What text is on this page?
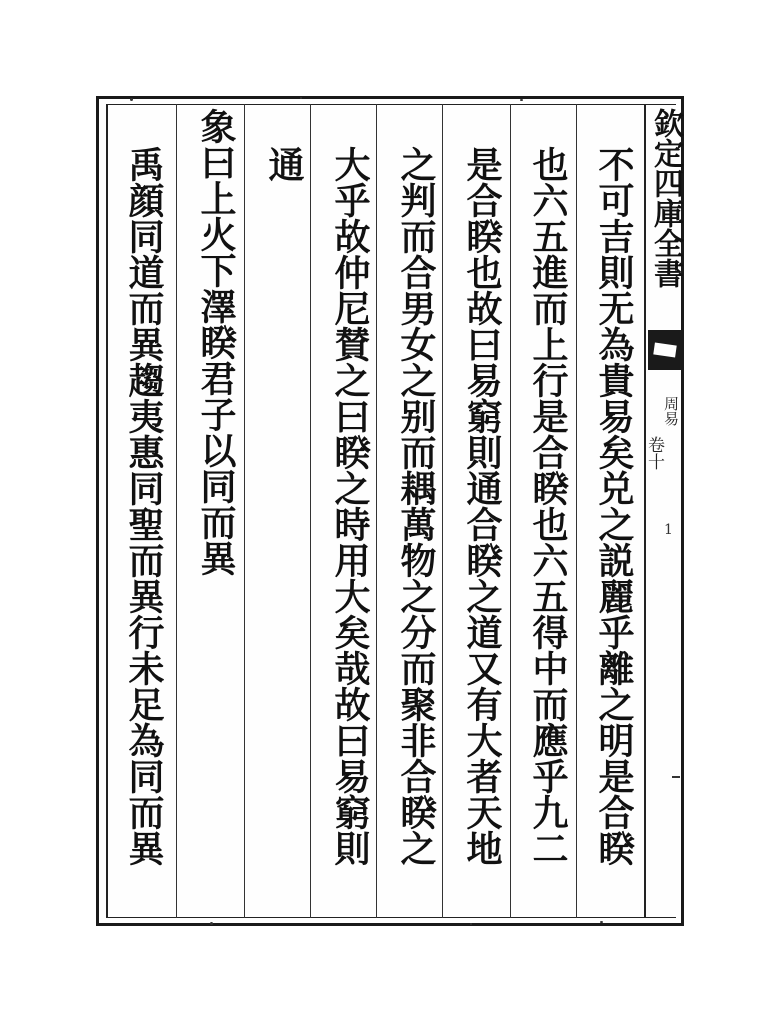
不可吉則无為貴易矣兑之説麗乎離之明是合睽
也六五進而上行是合睽也六五得中而應乎九二
是合睽也故曰易窮則通合睽之道又有大者天地
之判而合男女之别而耦萬物之分而聚非合睽之
大乎故仲尼賛之曰睽之時用大矣哉故曰易窮則
通
象曰上火下澤睽君子以同而異
禹顔同道而異趨夷惠同聖而異行未足為同而異	欽定四庫全書
周易
卷十
1
